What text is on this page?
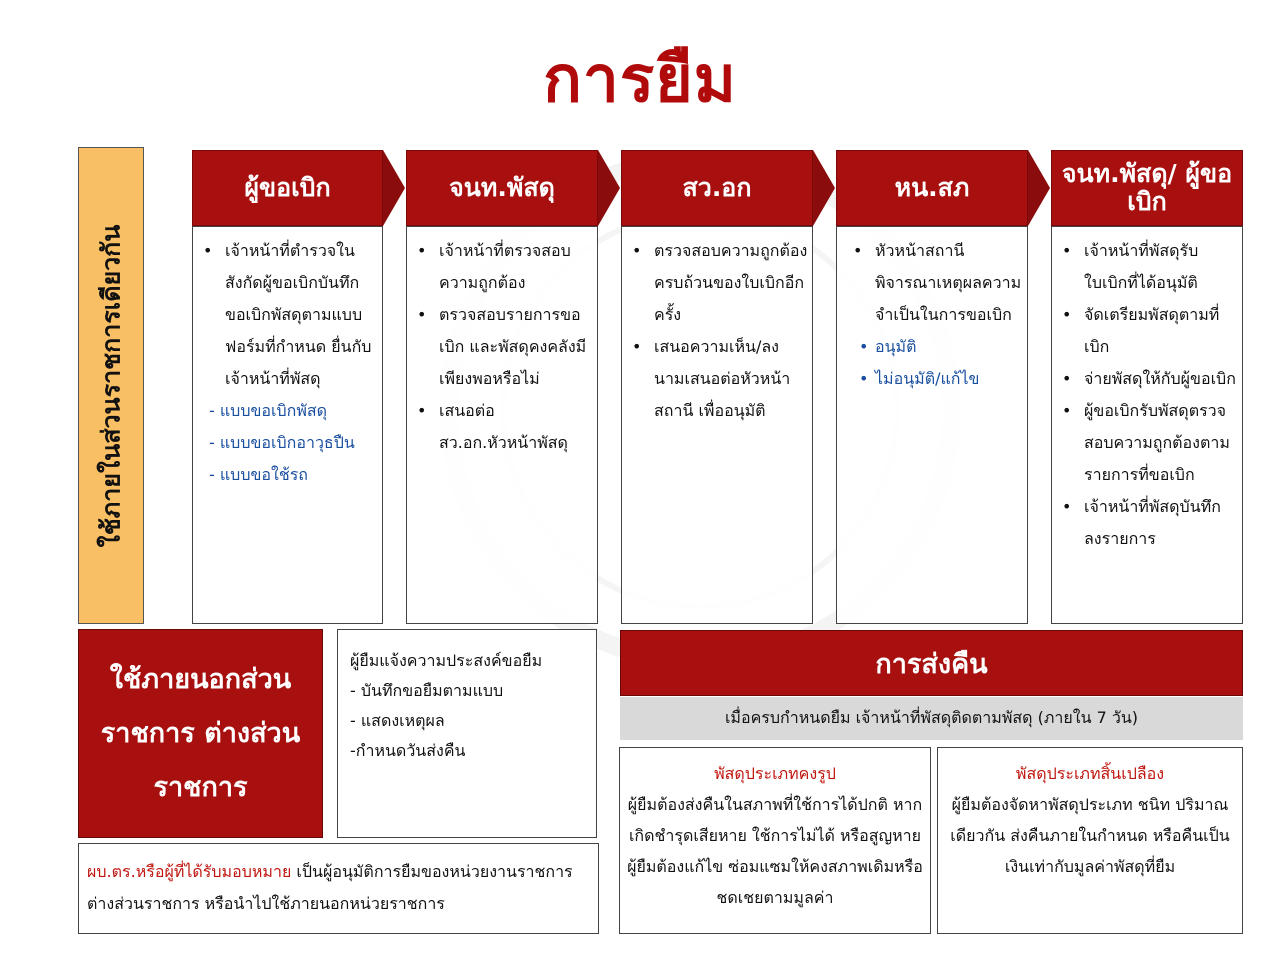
การยืม
ใช้ภายในส่วนราชการเดียวกัน
ผู้ขอเบิก
• เจ้าหน้าที่ตำรวจในสังกัดผู้ขอเบิกบันทึกขอเบิกพัสดุตามแบบฟอร์มที่กำหนด ยื่นกับเจ้าหน้าที่พัสดุ
- แบบขอเบิกพัสดุ
- แบบขอเบิกอาวุธปืน
- แบบขอใช้รถ
จนท.พัสดุ
• เจ้าหน้าที่ตรวจสอบความถูกต้อง
• ตรวจสอบรายการขอเบิก และพัสดุคงคลังมีเพียงพอหรือไม่
• เสนอต่อ สว.อก.หัวหน้าพัสดุ
สว.อก
• ตรวจสอบความถูกต้องครบถ้วนของใบเบิกอีกครั้ง
• เสนอความเห็น/ลงนามเสนอต่อหัวหน้าสถานี เพื่ออนุมัติ
หน.สภ
• หัวหน้าสถานีพิจารณาเหตุผลความจำเป็นในการขอเบิก
• อนุมัติ
• ไม่อนุมัติ/แก้ไข
จนท.พัสดุ/ ผู้ขอเบิก
• เจ้าหน้าที่พัสดุรับใบเบิกที่ได้อนุมัติ
• จัดเตรียมพัสดุตามที่เบิก
• จ่ายพัสดุให้กับผู้ขอเบิก
• ผู้ขอเบิกรับพัสดุตรวจสอบความถูกต้องตามรายการที่ขอเบิก
• เจ้าหน้าที่พัสดุบันทึกลงรายการ
ใช้ภายนอกส่วนราชการ ต่างส่วนราชการ
ผู้ยืมแจ้งความประสงค์ขอยืม
- บันทึกขอยืมตามแบบ
- แสดงเหตุผล
-กำหนดวันส่งคืน
ผบ.ตร.หรือผู้ที่ได้รับมอบหมาย เป็นผู้อนุมัติการยืมของหน่วยงานราชการต่างส่วนราชการ หรือนำไปใช้ภายนอกหน่วยราชการ
การส่งคืน
เมื่อครบกำหนดยืม เจ้าหน้าที่พัสดุติดตามพัสดุ (ภายใน 7 วัน)
พัสดุประเภทคงรูป
ผู้ยืมต้องส่งคืนในสภาพที่ใช้การได้ปกติ หากเกิดชำรุดเสียหาย ใช้การไม่ได้ หรือสูญหาย ผู้ยืมต้องแก้ไข ซ่อมแซมให้คงสภาพเดิมหรือชดเชยตามมูลค่า
พัสดุประเภทสิ้นเปลือง
ผู้ยืมต้องจัดหาพัสดุประเภท ชนิท ปริมาณ เดียวกัน ส่งคืนภายในกำหนด หรือคืนเป็นเงินเท่ากับมูลค่าพัสดุที่ยืม
